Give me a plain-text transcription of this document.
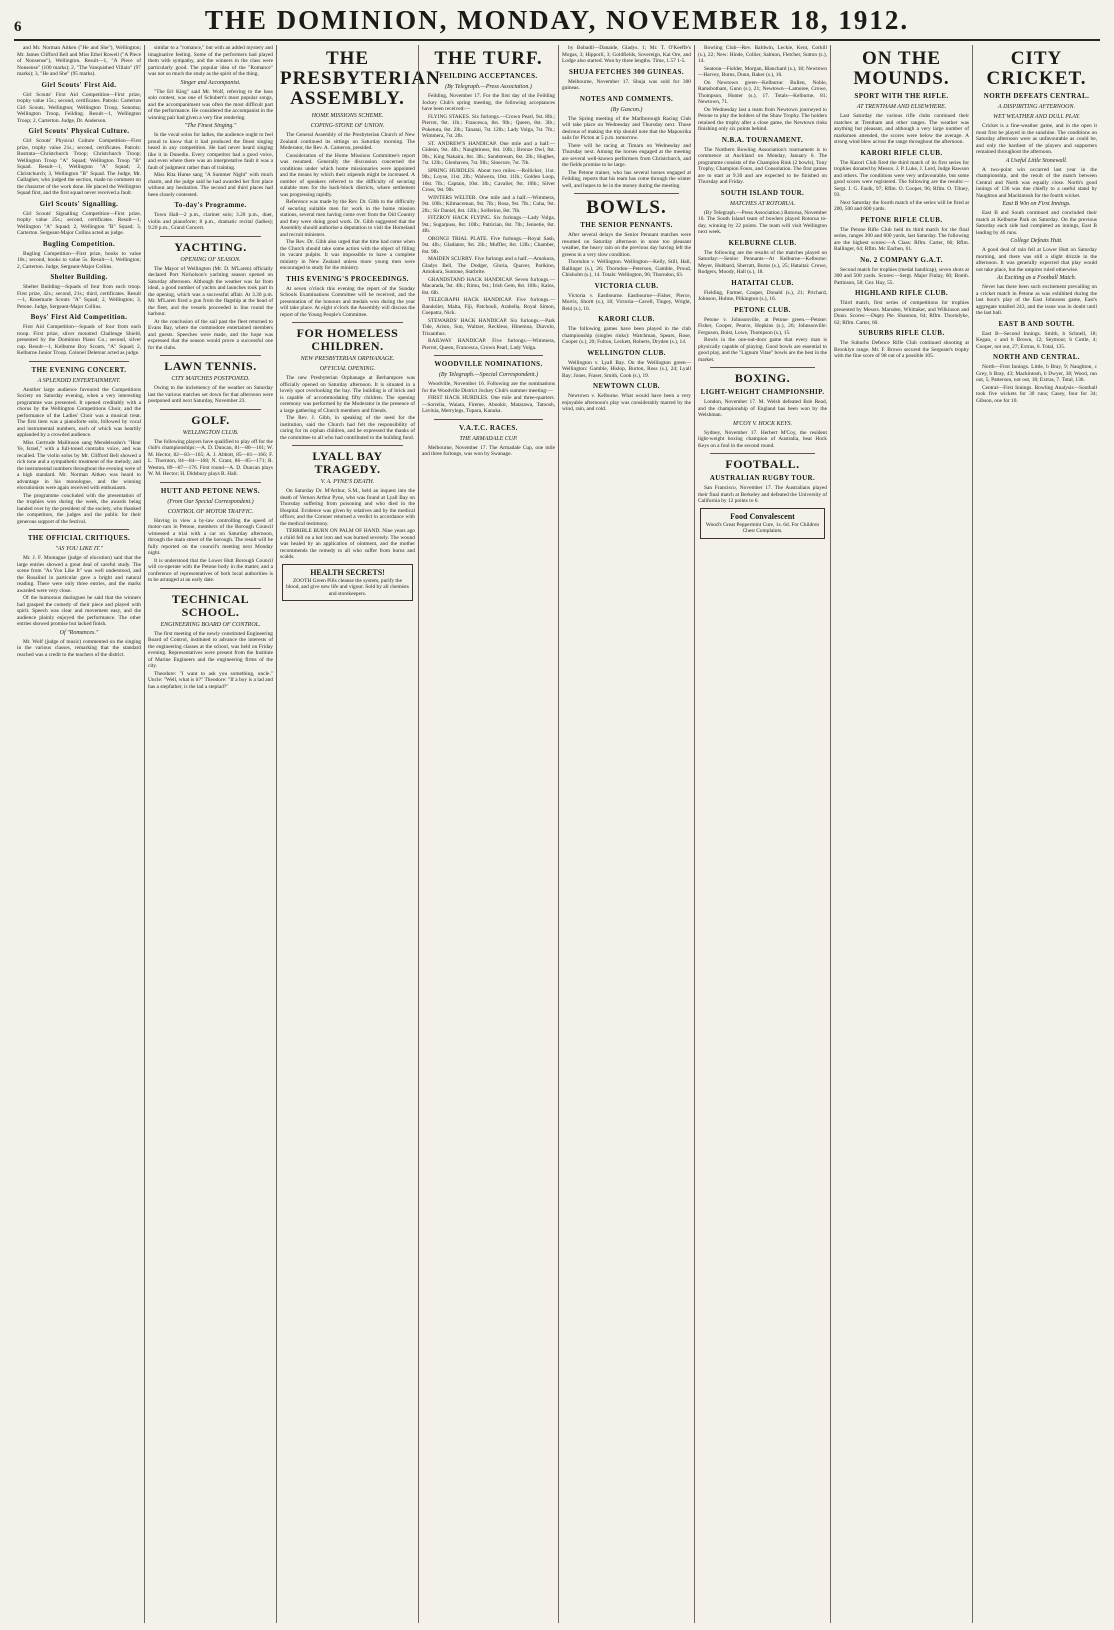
6	THE DOMINION, MONDAY, NOVEMBER 18, 1912.

and Mr. Norman Aitken ("He and She"), Wellington; Mr. James Clifford Bell and Miss Ethel Rowell ("A Piece of Nonsense"), Wellington. Result—1, "A Piece of Nonsense" (100 marks); 2, "The Vanquished Villain" (97 marks); 3, "He and She" (95 marks).

Girl Scouts' First Aid.

Girl Scouts' First Aid Competition—First prize, trophy value 15s.; second, certificates. Patrols: Carterton Girl Scouts, Wellington; Wellington Troop, Sonoma; Wellington Troop, Feilding. Result—1, Wellington Troop; 2, Carterton. Judge, Dr. Anderson.

Girl Scouts' Physical Culture.

Girl Scouts' Physical Culture Competition—First prize, trophy value 21s.; second, certificates. Patrols: Rostrata—Christchurch Troop; Christchurch Troop; Wellington Troop "A" Squad; Wellington Troop "B" Squad. Result—1, Wellington "A" Squad; 2, Christchurch; 3, Wellington "B" Squad. The Judge, Mr. Gallagher, who judged the section, made no comment on the character of the work done. He placed the Wellington Squad first, and the first squad never received a fault.

Girl Scouts' Signalling.

Girl Scouts' Signalling Competition—First prize, trophy value 25s.; second, certificates. Result—1, Wellington "A" Squad; 2, Wellington "B" Squad; 3, Carterton. Sergeant-Major Collins acted as judge.

Bugling Competition.

Bugling Competition—First prize, books to value 10s.; second, books to value 5s. Result—1, Wellington; 2, Carterton. Judge, Sergeant-Major Collins.

Shelter Building.

Shelter Building—Squads of four from each troop. First prize, 42s.; second, 21s.; third, certificates. Result—1, Rosemarie Scouts "A" Squad; 2, Wellington; 3, Petone. Judge, Sergeant-Major Collins.

Boys' First Aid Competition.

First Aid Competition—Squads of four from each troop. First prize, silver mounted Challenge Shield, presented by the Dominion Piano Co.; second, silver cup. Result—1, Kelburne Boy Scouts, "A" Squad; 2, Kelburne Junior Troop. Colonel Deletour acted as judge.

THE EVENING CONCERT.
A SPLENDID ENTERTAINMENT.

Another large audience favoured the Competitions Society on Saturday evening, when a very interesting programme was presented. It opened creditably with a chorus by the Wellington Competitions Choir, and the performance of the Ladies' Choir was a musical treat. The first item was a pianoforte solo, followed by vocal and instrumental numbers, each of which was heartily applauded by a crowded audience.

Miss Gertrude Mallinson sang Mendelssohn's "Hear Ye, Israel," with a full-toned contralto voice, and was recalled. The violin solos by Mr. Clifford Bell showed a rich tone and a sympathetic treatment of the melody, and the instrumental numbers throughout the evening were of a high standard. Mr. Norman Aitken was heard to advantage in his monologue, and the winning elocutionists were again received with enthusiasm.

The programme concluded with the presentation of the trophies won during the week, the awards being handed over by the president of the society, who thanked the competitors, the judges and the public for their generous support of the festival.

THE OFFICIAL CRITIQUES.
"AS YOU LIKE IT."

Mr. J. F. Montague (judge of elocution) said that the large entries showed a great deal of careful study. The scene from "As You Like It" was well understood, and the Rosalind in particular gave a bright and natural reading. There were only three entries, and the marks awarded were very close.

Of the humorous duologues he said that the winners had grasped the comedy of their piece and played with spirit. Speech was clear and movement easy, and the audience plainly enjoyed the performance. The other entries showed promise but lacked finish.

Of "Romances."

Mr. Wolf (judge of music) commented on the singing in the various classes, remarking that the standard reached was a credit to the teachers of the district.

similar to a "romance," but with an added mystery and imaginative feeling. Some of the performers had played them with sympathy, and the winners in the class were particularly good. The popular idea of the "Romance" was not so much the study as the spirit of the thing.

Singer and Accompanist.

"The Erl King" said Mr. Wolf, referring to the bass solo contest, was one of Schubert's most popular songs, and the accompaniment was often the most difficult part of the performance. He considered the accompanist in the winning pair had given a very fine rendering.

"The Finest Singing."

In the vocal solos for ladies, the audience ought to feel proud to know that it had produced the finest singing heard in any competition. He had never heard singing like it in Dunedin. Every competitor had a good voice, and even where there was an interpretative fault it was a fault of judgment rather than of training.

Miss Rita Hume sang "A Summer Night" with much charm, and the judge said he had awarded her first place without any hesitation. The second and third places had been closely contested.

To-day's Programme.

Town Hall—2 p.m., clarinet solo; 3.20 p.m., duet, violin and pianoforte; 8 p.m., dramatic recital (ladies); 9.20 p.m., Grand Concert.

YACHTING.
OPENING OF SEASON.

The Mayor of Wellington (Mr. D. M'Laren) officially declared Port Nicholson's yachting season opened on Saturday afternoon. Although the weather was far from ideal, a good number of yachts and launches took part in the opening, which was a successful affair. At 3.30 p.m. Mr. M'Laren fired a gun from the flagship at the head of the fleet, and the vessels proceeded in line round the harbour.

At the conclusion of the sail past the fleet returned to Evans Bay, where the commodore entertained members and guests. Speeches were made, and the hope was expressed that the season would prove a successful one for the clubs.

LAWN TENNIS.
CITY MATCHES POSTPONED.

Owing to the inclemency of the weather on Saturday last the various matches set down for that afternoon were postponed until next Saturday, November 23.

GOLF.
WELLINGTON CLUB.

The following players have qualified to play off for the club's championships:—A. D. Duncan, 81—80—161; W. M. Hector, 82—83—165; A. J. Abbott, 85—81—166; F. L. Thornton, 84—84—168; N. Grant, 86—85—171; R. Weston, 89—87—176. First round—A. D. Duncan plays W. M. Hector; H. Didsbury plays R. Hall.

HUTT AND PETONE NEWS.
(From Our Special Correspondent.)
CONTROL OF MOTOR TRAFFIC.

Having in view a by-law controlling the speed of motor-cars in Petone, members of the Borough Council witnessed a trial with a car on Saturday afternoon, through the main street of the borough. The result will be fully reported on the council's meeting next Monday night.

It is understood that the Lower Hutt Borough Council will co-operate with the Petone body in the matter, and a conference of representatives of both local authorities is to be arranged at an early date.

TECHNICAL SCHOOL.
ENGINEERING BOARD OF CONTROL.

The first meeting of the newly constituted Engineering Board of Control, instituted to advance the interests of the engineering classes at the school, was held on Friday evening. Representatives were present from the Institute of Marine Engineers and the engineering firms of the city.

Theodore: "I want to ask you something, uncle." Uncle: "Well, what is it?" Theodore: "If a boy is a lad and has a stepfather, is the lad a steplad?"

THE PRESBYTERIAN ASSEMBLY.
HOME MISSIONS SCHEME.
COPING-STONE OF UNION.

The General Assembly of the Presbyterian Church of New Zealand continued its sittings on Saturday morning. The Moderator, the Rev. A. Cameron, presided.

Consideration of the Home Missions Committee's report was resumed. Generally the discussion concerned the conditions under which home missionaries were appointed and the means by which their stipends might be increased. A number of speakers referred to the difficulty of securing suitable men for the back-block districts, where settlement was progressing rapidly.

Reference was made by the Rev. Dr. Gibb to the difficulty of securing suitable men for work in the home mission stations, several men having come over from the Old Country and they were doing good work. Dr. Gibb suggested that the Assembly should authorise a deputation to visit the Homeland and recruit ministers.

The Rev. Dr. Gibb also urged that the time had come when the Church should take some action with the object of filling its vacant pulpits. It was impossible to have a complete ministry in New Zealand unless more young men were encouraged to study for the ministry.

THIS EVENING'S PROCEEDINGS.

At seven o'clock this evening the report of the Sunday Schools Examinations Committee will be received, and the presentation of the honours and medals won during the year will take place. At eight o'clock the Assembly will discuss the report of the Young People's Committee.

FOR HOMELESS CHILDREN.
NEW PRESBYTERIAN ORPHANAGE.
OFFICIAL OPENING.

The new Presbyterian Orphanage at Berhampore was officially opened on Saturday afternoon. It is situated in a lovely spot overlooking the bay. The building is of brick and is capable of accommodating fifty children. The opening ceremony was performed by the Moderator in the presence of a large gathering of Church members and friends.

The Rev. J. Gibb, in speaking of the need for the institution, said the Church had felt the responsibility of caring for its orphan children, and he expressed the thanks of the committee to all who had contributed to the building fund.

LYALL BAY TRAGEDY.
V. A. PYNE'S DEATH.

On Saturday Dr. M'Arthur, S.M., held an inquest into the death of Vernon Arthur Pyne, who was found at Lyall Bay on Thursday suffering from poisoning and who died in the Hospital. Evidence was given by relatives and by the medical officer, and the Coroner returned a verdict in accordance with the medical testimony.

TERRIBLE BURN ON PALM OF HAND. Nine years ago a child fell on a hot iron and was burned severely. The wound was healed by an application of ointment, and the mother recommends the remedy to all who suffer from burns and scalds.

HEALTH SECRETS!
ZOOTH Green Pills cleanse the system, purify the blood, and give new life and vigour. Sold by all chemists and storekeepers.
THE TURF.
FEILDING ACCEPTANCES.
(By Telegraph.—Press Association.)

Feilding, November 17. For the first day of the Feilding Jockey Club's spring meeting, the following acceptances have been received:—

FLYING STAKES. Six furlongs.—Crown Pearl, 9st. 8lb.; Pierrot, 9st. 1lb.; Francesca, 8st. 9lb.; Queen, 8st. 3lb.; Puketutu, 8st. 2lb.; Tanatai, 7st. 12lb.; Lady Volga, 7st. 7lb.; Wimmera, 7st. 2lb.

ST. ANDREW'S HANDICAP. One mile and a half.—Gideon, 9st. 4lb.; Naughtiness, 8st. 10lb.; Bronze Owl, 8st. 9lb.; King Nakaira, 8st. 3lb.; Sandstream, 8st. 2lb.; Hughes, 7st. 12lb.; Glenhaven, 7st. 9lb.; Sinecure, 7st. 7lb.

SPRING HURDLES. About two miles.—Rollicker, 11st. 9lb.; Loyse, 11st. 2lb.; Waiwera, 10st. 11lb.; Golden Loop, 10st. 7lb.; Captain, 10st. 3lb.; Cavalier, 9st. 10lb.; Silver Cross, 9st. 9lb.

WINTERS WELTER. One mile and a half.—Wimmera, 9st. 10lb.; Kilmacrenan, 9st. 7lb.; Rosa, 9st. 7lb.; Cuba, 9st. 2lb.; Sir Daniel, 8st. 12lb.; Solferino, 8st. 7lb.

FITZROY HACK FLYING. Six furlongs.—Lady Volga, 9st.; Sugarpuss, 8st. 10lb.; Patrician, 8st. 7lb.; Jennetie, 8st. 4lb.

ORONGI TRIAL PLATE. Five furlongs.—Royal Sash, 9st. 4lb.; Gladiator, 9st. 2lb.; Muffler, 8st. 12lb.; Chamber, 8st. 9lb.

MAIDEN SCURRY. Five furlongs and a half.—Amokura, Gladys Bell, The Dodger, Gloria, Quaver, Parikino, Amokura, Suntone, Starbrite.

GRANDSTAND HACK HANDICAP. Seven furlongs.—Macarada, 9st. 4lb.; Rimu, 9st.; Irish Gem, 8st. 10lb.; Kalos, 8st. 6lb.

TELEGRAPH HACK HANDICAP. Five furlongs.—Bandolier, Malta, Fiji, Patchouli, Arabella, Royal Simon, Coepatra, Nick.

STEWARDS' HACK HANDICAP. Six furlongs.—Park Tide, Aristo, Sun, Waltzer, Reckless, Hinemoa, Diavolo, Trisanthus.

RAILWAY HANDICAP. Five furlongs.—Wimmera, Pierrot, Queen, Francesca, Crown Pearl, Lady Volga.

WOODVILLE NOMINATIONS.
(By Telegraph.—Special Correspondent.)

Woodville, November 16. Following are the nominations for the Woodville District Jockey Club's summer meeting:—

FIRST HACK HURDLES. One mile and three-quarters.—Sorrelia, Waiata, Fireme, Aboukir, Matarawa, Tatoosh, Lavinia, Merrylegs, Tupara, Kanuka.

V.A.T.C. RACES.
THE ARMADALE CUP.

Melbourne, November 17. The Armadale Cup, one mile and three furlongs, was won by Swanage.

by Bobadil—Danaide, Gladys. 1; Mr. T. O'Keeffe's Mogas, 3; Hipporil, 3; Goldfields, Sovereign, Kai Ore, and Lodge also started. Won by three lengths. Time, 1.57 1-5.

SHUJA FETCHES 300 GUINEAS.

Melbourne, November 17. Shuja was sold for 300 guineas.

NOTES AND COMMENTS.
(By Gascon.)

The Spring meeting of the Marlborough Racing Club will take place on Wednesday and Thursday next. Those desirous of making the trip should note that the Mapourika sails for Picton at 5 p.m. tomorrow.

There will be racing at Timaru on Wednesday and Thursday next. Among the horses engaged at the meeting are several well-known performers from Christchurch, and the fields promise to be large.

The Petone trainer, who has several horses engaged at Feilding, reports that his team has come through the winter well, and hopes to be in the money during the meeting.

BOWLS.
THE SENIOR PENNANTS.

After several delays the Senior Pennant matches were resumed on Saturday afternoon in none too pleasant weather, the heavy rain on the previous day having left the greens in a very slow condition.

Thorndon v. Wellington. Wellington—Kelly, Still, Hall, Ballinger (s.), 26; Thorndon—Peterson, Gamble, Proud, Chisholm (s.), 14. Totals: Wellington, 96; Thorndon, 63.

VICTORIA CLUB.

Victoria v. Eastbourne. Eastbourne—Fisher, Pierce, Morris, Shortt (s.), 18; Victoria—Cavell, Tingey, Wright, Reid (s.), 16.

KARORI CLUB.

The following games have been played in the club championship (singles rinks): Watchman, Spears, Rose, Cooper (s.), 20; Fulton, Leckett, Roberts, Dryden (s.), 14.

WELLINGTON CLUB.

Wellington v. Lyall Bay. On the Wellington green—Wellington: Gamble, Hislop, Burton, Ross (s.), 24; Lyall Bay: Jones, Fraser, Smith, Cook (s.), 19.

NEWTOWN CLUB.

Newtown v. Kelburne. What would have been a very enjoyable afternoon's play was considerably marred by the wind, rain, and cold.

Bowling Club—Rev. Baldwin, Leckie, Kent, Corkill (s.), 22; New: Hinde, Collier, Salmon, Fletcher, Sutton (s.), 14.

Seatoun—Fielder, Morgan, Blanchard (s.), 18; Newtown—Harvey, Burns, Dunn, Baker (s.), 16.

On Newtown green—Kelburne: Bullen, Noble, Ramsbotham, Gunn (s.), 21; Newtown—Lamoree, Crowe, Thompson, Hunter (s.), 17. Totals—Kelburne, 81; Newtown, 71.

On Wednesday last a team from Newtown journeyed to Petone to play the holders of the Shaw Trophy. The holders retained the trophy after a close game, the Newtown rinks finishing only six points behind.

N.B.A. TOURNAMENT.

The Northern Bowling Association's tournament is to commence at Auckland on Monday, January 6. The programme consists of the Champion Rink (2 bowls), Tony Trophy, Champion Fours, and Consolation. The first games are to start at 9.30 and are expected to be finished on Thursday and Friday.

SOUTH ISLAND TOUR.
MATCHES AT ROTORUA.

(By Telegraph.—Press Association.) Rotorua, November 16. The South Island team of bowlers played Rotorua to-day, winning by 22 points. The team will visit Wellington next week.

KELBURNE CLUB.

The following are the results of the matches played on Saturday:—Senior Pennants—At Kelburne—Kelburne: Meyer, Hubbard, Sherratt, Burns (s.), 25; Hataitai: Crowe, Rodgers, Moody, Hall (s.), 18.

HATAITAI CLUB.

Fielding, Farmer, Cooper, Donald (s.), 21; Prichard, Johnson, Hulme, Pilkington (s.), 16.

PETONE CLUB.

Petone v. Johnsonville, at Petone green.—Petone: Fisher, Cooper, Pearce, Hopkins (s.), 26; Johnsonville: Ferguson, Buist, Lowe, Thompson (s.), 15.

Bowls in the one-out-door game that every man is physically capable of playing. Good bowls are essential to good play, and the "Lignum Vitae" bowls are the best in the market.

BOXING.
LIGHT-WEIGHT CHAMPIONSHIP.

London, November 17. M. Welsh defeated Bob Read, and the championship of England has been won by the Welshman.

M'COY V. HOCK KEYS.

Sydney, November 17. Herbert M'Coy, the resident light-weight boxing champion of Australia, beat Hock Keys on a foul in the second round.

FOOTBALL.
AUSTRALIAN RUGBY TOUR.

San Francisco, November 17. The Australians played their final match at Berkeley and defeated the University of California by 12 points to 6.

Food Convalescent
Wood's Great Peppermint Cure, 1s. 6d. For Children Chest Complaints.
ON THE MOUNDS.
SPORT WITH THE RIFLE.
AT TRENTHAM AND ELSEWHERE.

Last Saturday the various rifle clubs continued their matches at Trentham and other ranges. The weather was anything but pleasant, and although a very large number of marksmen attended, the scores were below the average. A strong wind blew across the range throughout the afternoon.

KARORI RIFLE CLUB.

The Karori Club fired the third match of its first series for trophies donated by Messrs. J. P. Luke, J. Lord, Judge Rawson and others. The conditions were very unfavourable, but some good scores were registered. The following are the results:—Sergt. J. G. Faulk, 97; Rflm. O. Cooper, 96; Rflm. O. Tilney, 93.

Next Saturday the fourth match of the series will be fired at 200, 500 and 600 yards.

PETONE RIFLE CLUB.

The Petone Rifle Club held its third match for the final series, ranges 300 and 600 yards, last Saturday. The following are the highest scores:—A Class: Rflm. Carter, 66; Rflm. Ballinger, 64; Rflm. Mc Eachen, 61.

No. 2 COMPANY G.A.T.

Second match for trophies (medal handicap), seven shots at 300 and 500 yards. Scores:—Sergt. Major Finlay, 60; Bomb. Pattinson, 58; Gnr. Hay, 55.

HIGHLAND RIFLE CLUB.

Third match, first series of competitions for trophies presented by Messrs. Marsden, Whittaker, and Wilkinson and Dunn. Scores:—Dupty Pte. Shannon, 64; Rflm. Thorndyke, 62; Rflm. Carter, 60.

SUBURBS RIFLE CLUB.

The Suburbs Defence Rifle Club continued shooting at Brooklyn range. Mr. F. Brown secured the Sergeant's trophy with the fine score of 98 out of a possible 105.

CITY CRICKET.
NORTH DEFEATS CENTRAL.
A DISPIRITING AFTERNOON.
WET WEATHER AND DULL PLAY.

Cricket is a fine-weather game, and in the open it must first be played in the sunshine. The conditions on Saturday afternoon were as unfavourable as could be, and only the hardiest of the players and supporters remained throughout the afternoon.

A Useful Little Stonewall.

A two-point win occurred last year in the championship, and the result of the match between Central and North was equally close. North's good innings of 136 was due chiefly to a useful stand by Naughton and Mackintosh for the fourth wicket.

East B Win on First Innings.

East B and South continued and concluded their match at Kelburne Park on Saturday. On the previous Saturday each side had completed an innings, East B leading by 46 runs.

College Defeats Hutt.

A good deal of rain fell at Lower Hutt on Saturday morning, and there was still a slight drizzle in the afternoon. It was generally expected that play would not take place, but the umpires ruled otherwise.

As Exciting as a Football Match.

Never has there been such excitement prevailing on a cricket match in Petone as was exhibited during the last hour's play of the East Johnsons game, East's aggregate totalled 243, and the issue was in doubt until the last ball.

EAST B AND SOUTH.

East B—Second Innings. Smith, b Schnell, 18; Kegan, c and b Brown, 12; Seymour, b Cuttle, 4; Cooper, not out, 27; Extras, 6. Total, 135.

NORTH AND CENTRAL.

North—First Innings. Little, b Bray, 9; Naughton, c Grey, b Bray, 43; Mackintosh, b Dwyer, 38; Wood, run out, 5; Patterson, not out, 18; Extras, 7. Total, 136.

Central—First Innings. Bowling Analysis—Southall took five wickets for 30 runs; Casey, four for 34; Gibson, one for 10.
